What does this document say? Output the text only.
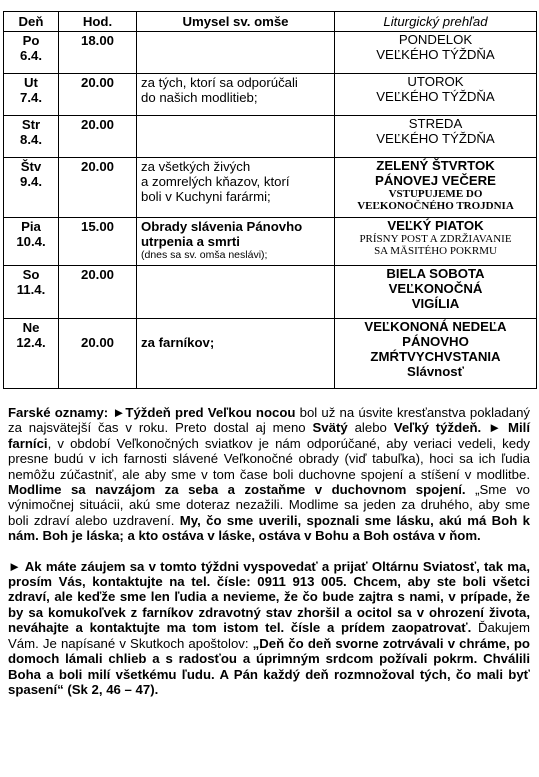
Deň	Hod.	Umysel sv. omše	Liturgický prehľad
Po
6.4.	18.00		PONDELOK
VEĽKÉHO TÝŽDŇA
Ut
7.4.	20.00	za tých, ktorí sa odporúčali
do našich modlitieb;	UTOROK
VEĽKÉHO TÝŽDŇA
Str
8.4.	20.00		STREDA
VEĽKÉHO TÝŽDŇA
Štv
9.4.	20.00	za všetkých živých
a zomrelých kňazov, ktorí
boli v Kuchyni farármi;	ZELENÝ ŠTVRTOK
PÁNOVEJ VEČERE
VSTUPUJEME DO
VEĽKONOČNÉHO TROJDNIA

Pia
10.4.	15.00	Obrady slávenia Pánovho
utrpenia a smrti
(dnes sa sv. omša neslávi);	VEĽKÝ PIATOK
PRÍSNY POST A ZDRŽIAVANIE
SA MÄSITÉHO POKRMU

So
11.4.	20.00		BIELA SOBOTA
VEĽKONOČNÁ
VIGÍLIA
Ne
12.4.	20.00	za farníkov;	VEĽKONONÁ NEDEĽA
PÁNOVHO
ZMŔTVYCHVSTANIA
Slávnosť

Farské oznamy: ►Týždeň pred Veľkou nocou bol už na úsvite kresťanstva pokladaný za najsvätejší čas v roku. Preto dostal aj meno Svätý alebo Veľký týždeň. ► Milí farníci, v období Veľkonočných sviatkov je nám odporúčané, aby veriaci vedeli, kedy presne budú v ich farnosti slávené Veľkonočné obrady (viď tabuľka), hoci sa ich ľudia nemôžu zúčastniť, ale aby sme v tom čase boli duchovne spojení a stíšení v modlitbe. Modlime sa navzájom za seba a zostaňme v duchovnom spojení. „Sme vo výnimočnej situácii, akú sme doteraz nezažili. Modlime sa jeden za druhého, aby sme boli zdraví alebo uzdravení. My, čo sme uverili, spoznali sme lásku, akú má Boh k nám. Boh je láska; a kto ostáva v láske, ostáva v Bohu a Boh ostáva v ňom.

► Ak máte záujem sa v tomto týždni vyspovedať a prijať Oltárnu Sviatosť, tak ma, prosím Vás, kontaktujte na tel. čísle: 0911 913 005. Chcem, aby ste boli všetci zdraví, ale keďže sme len ľudia a nevieme, že čo bude zajtra s nami, v prípade, že by sa komukoľvek z farníkov zdravotný stav zhoršil a ocitol sa v ohrození života, neváhajte a kontaktujte ma tom istom tel. čísle a prídem zaopatrovať. Ďakujem Vám. Je napísané v Skutkoch apoštolov: „Deň čo deň svorne zotrvávali v chráme, po domoch lámali chlieb a s radosťou a úprimným srdcom požívali pokrm. Chválili Boha a boli milí všetkému ľudu. A Pán každý deň rozmnožoval tých, čo mali byť spasení“ (Sk 2, 46 – 47).
